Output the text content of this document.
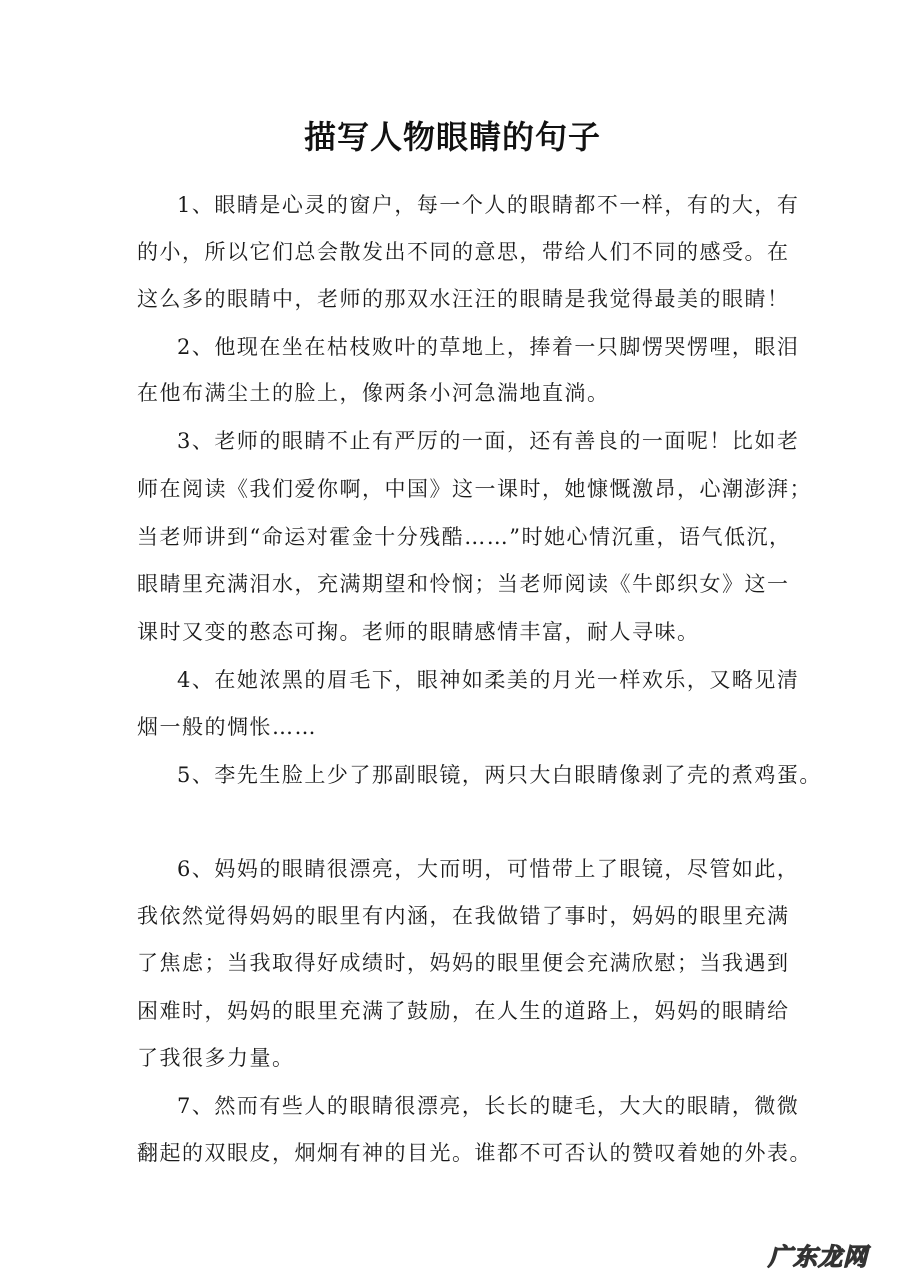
描写人物眼睛的句子
1、眼睛是心灵的窗户，每一个人的眼睛都不一样，有的大，有
的小，所以它们总会散发出不同的意思，带给人们不同的感受。在
这么多的眼睛中，老师的那双水汪汪的眼睛是我觉得最美的眼睛！
2、他现在坐在枯枝败叶的草地上，捧着一只脚愣哭愣哩，眼泪
在他布满尘土的脸上，像两条小河急湍地直淌。
3、老师的眼睛不止有严厉的一面，还有善良的一面呢！比如老
师在阅读《我们爱你啊，中国》这一课时，她慷慨激昂，心潮澎湃；
当老师讲到“命运对霍金十分残酷……”时她心情沉重，语气低沉，
眼睛里充满泪水，充满期望和怜悯；当老师阅读《牛郎织女》这一
课时又变的憨态可掬。老师的眼睛感情丰富，耐人寻味。
4、在她浓黑的眉毛下，眼神如柔美的月光一样欢乐，又略见清
烟一般的惆怅……
5、李先生脸上少了那副眼镜，两只大白眼睛像剥了壳的煮鸡蛋。
6、妈妈的眼睛很漂亮，大而明，可惜带上了眼镜，尽管如此，
我依然觉得妈妈的眼里有内涵，在我做错了事时，妈妈的眼里充满
了焦虑；当我取得好成绩时，妈妈的眼里便会充满欣慰；当我遇到
困难时，妈妈的眼里充满了鼓励，在人生的道路上，妈妈的眼睛给
了我很多力量。
7、然而有些人的眼睛很漂亮，长长的睫毛，大大的眼睛，微微
翻起的双眼皮，炯炯有神的目光。谁都不可否认的赞叹着她的外表。
广东龙网
